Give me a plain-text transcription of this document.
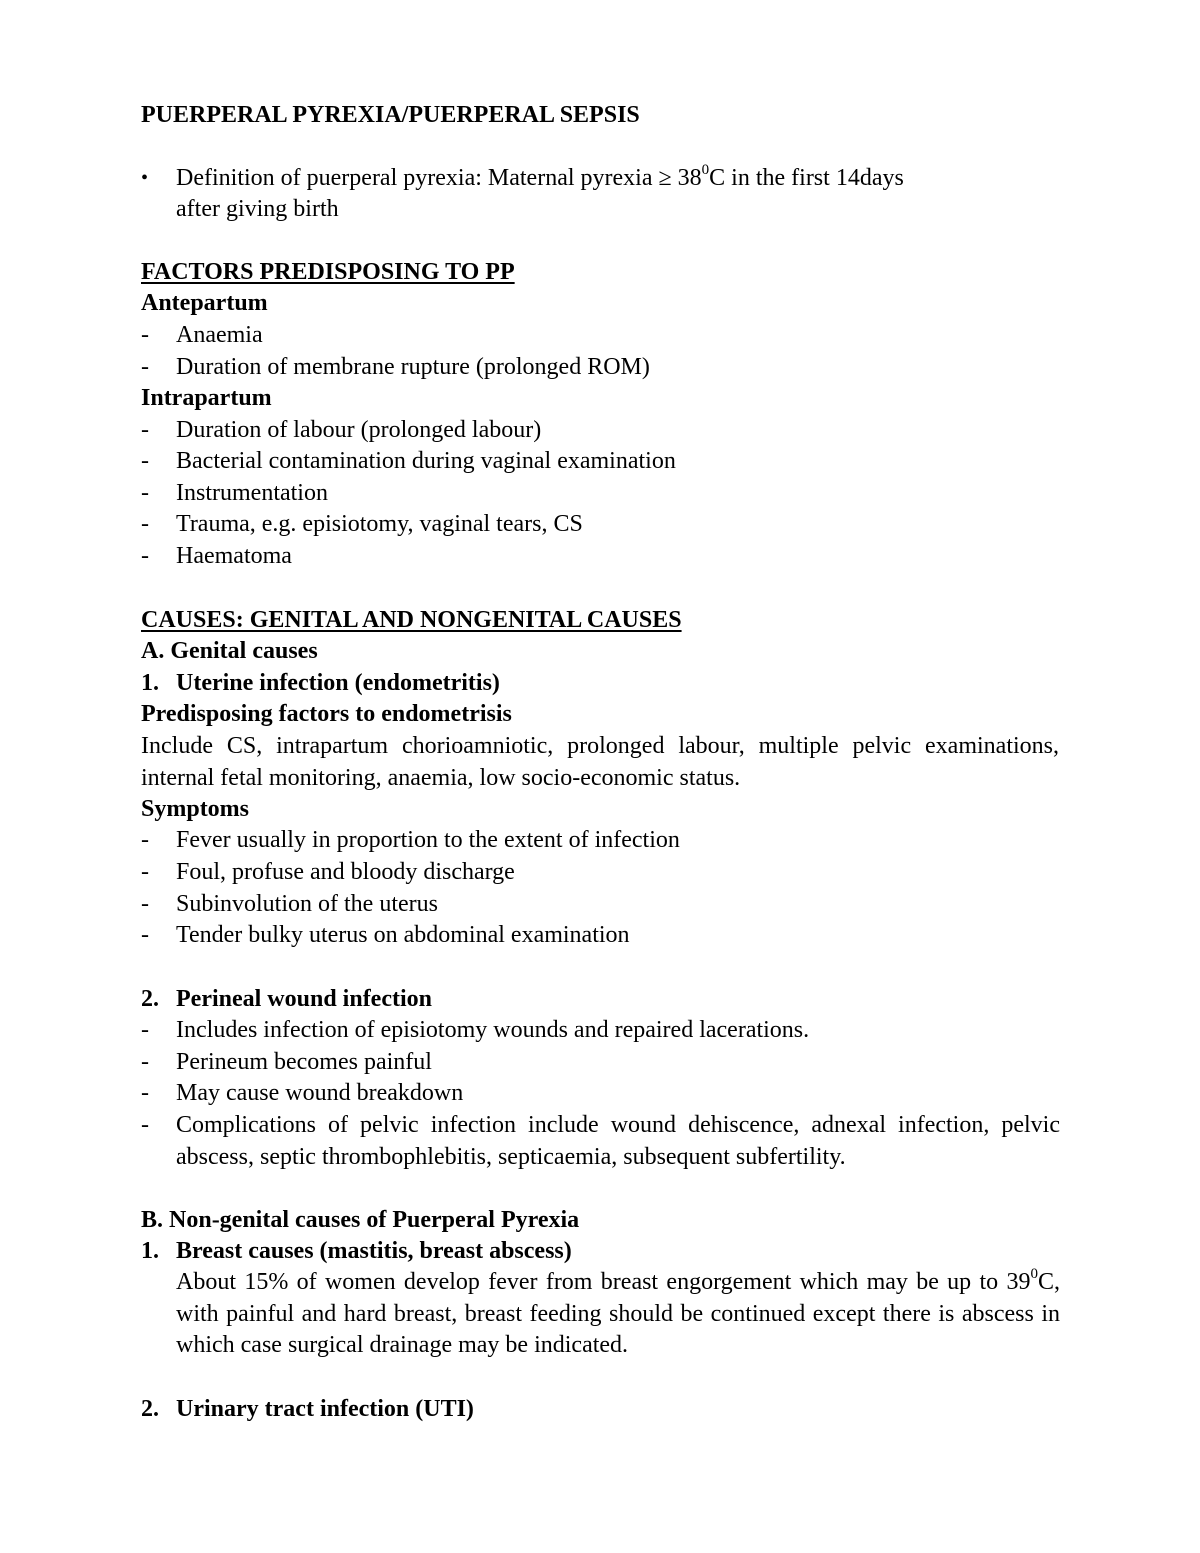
PUERPERAL PYREXIA/PUERPERAL SEPSIS

• Definition of puerperal pyrexia: Maternal pyrexia ≥ $38^0C$ in the first 14days

after giving birth

FACTORS PREDISPOSING TO PP

Antepartum

- Anaemia

- Duration of membrane rupture (prolonged ROM)

Intrapartum

- Duration of labour (prolonged labour)

- Bacterial contamination during vaginal examination

- Instrumentation

- Trauma, e.g. episiotomy, vaginal tears, CS

- Haematoma

CAUSES: GENITAL AND NONGENITAL CAUSES

A. Genital causes

1. Uterine infection (endometritis)

Predisposing factors to endometrisis

Include CS, intrapartum chorioamniotic, prolonged labour, multiple pelvic examinations, internal fetal monitoring, anaemia, low socio-economic status.

Symptoms

- Fever usually in proportion to the extent of infection

- Foul, profuse and bloody discharge

- Subinvolution of the uterus

- Tender bulky uterus on abdominal examination

2. Perineal wound infection

- Includes infection of episiotomy wounds and repaired lacerations.

- Perineum becomes painful

- May cause wound breakdown

- Complications of pelvic infection include wound dehiscence, adnexal infection, pelvic abscess, septic thrombophlebitis, septicaemia, subsequent subfertility.

B. Non-genital causes of Puerperal Pyrexia

1. Breast causes (mastitis, breast abscess)

About 15% of women develop fever from breast engorgement which may be up to $39^0C$, with painful and hard breast, breast feeding should be continued except there is abscess in which case surgical drainage may be indicated.

2. Urinary tract infection (UTI)
